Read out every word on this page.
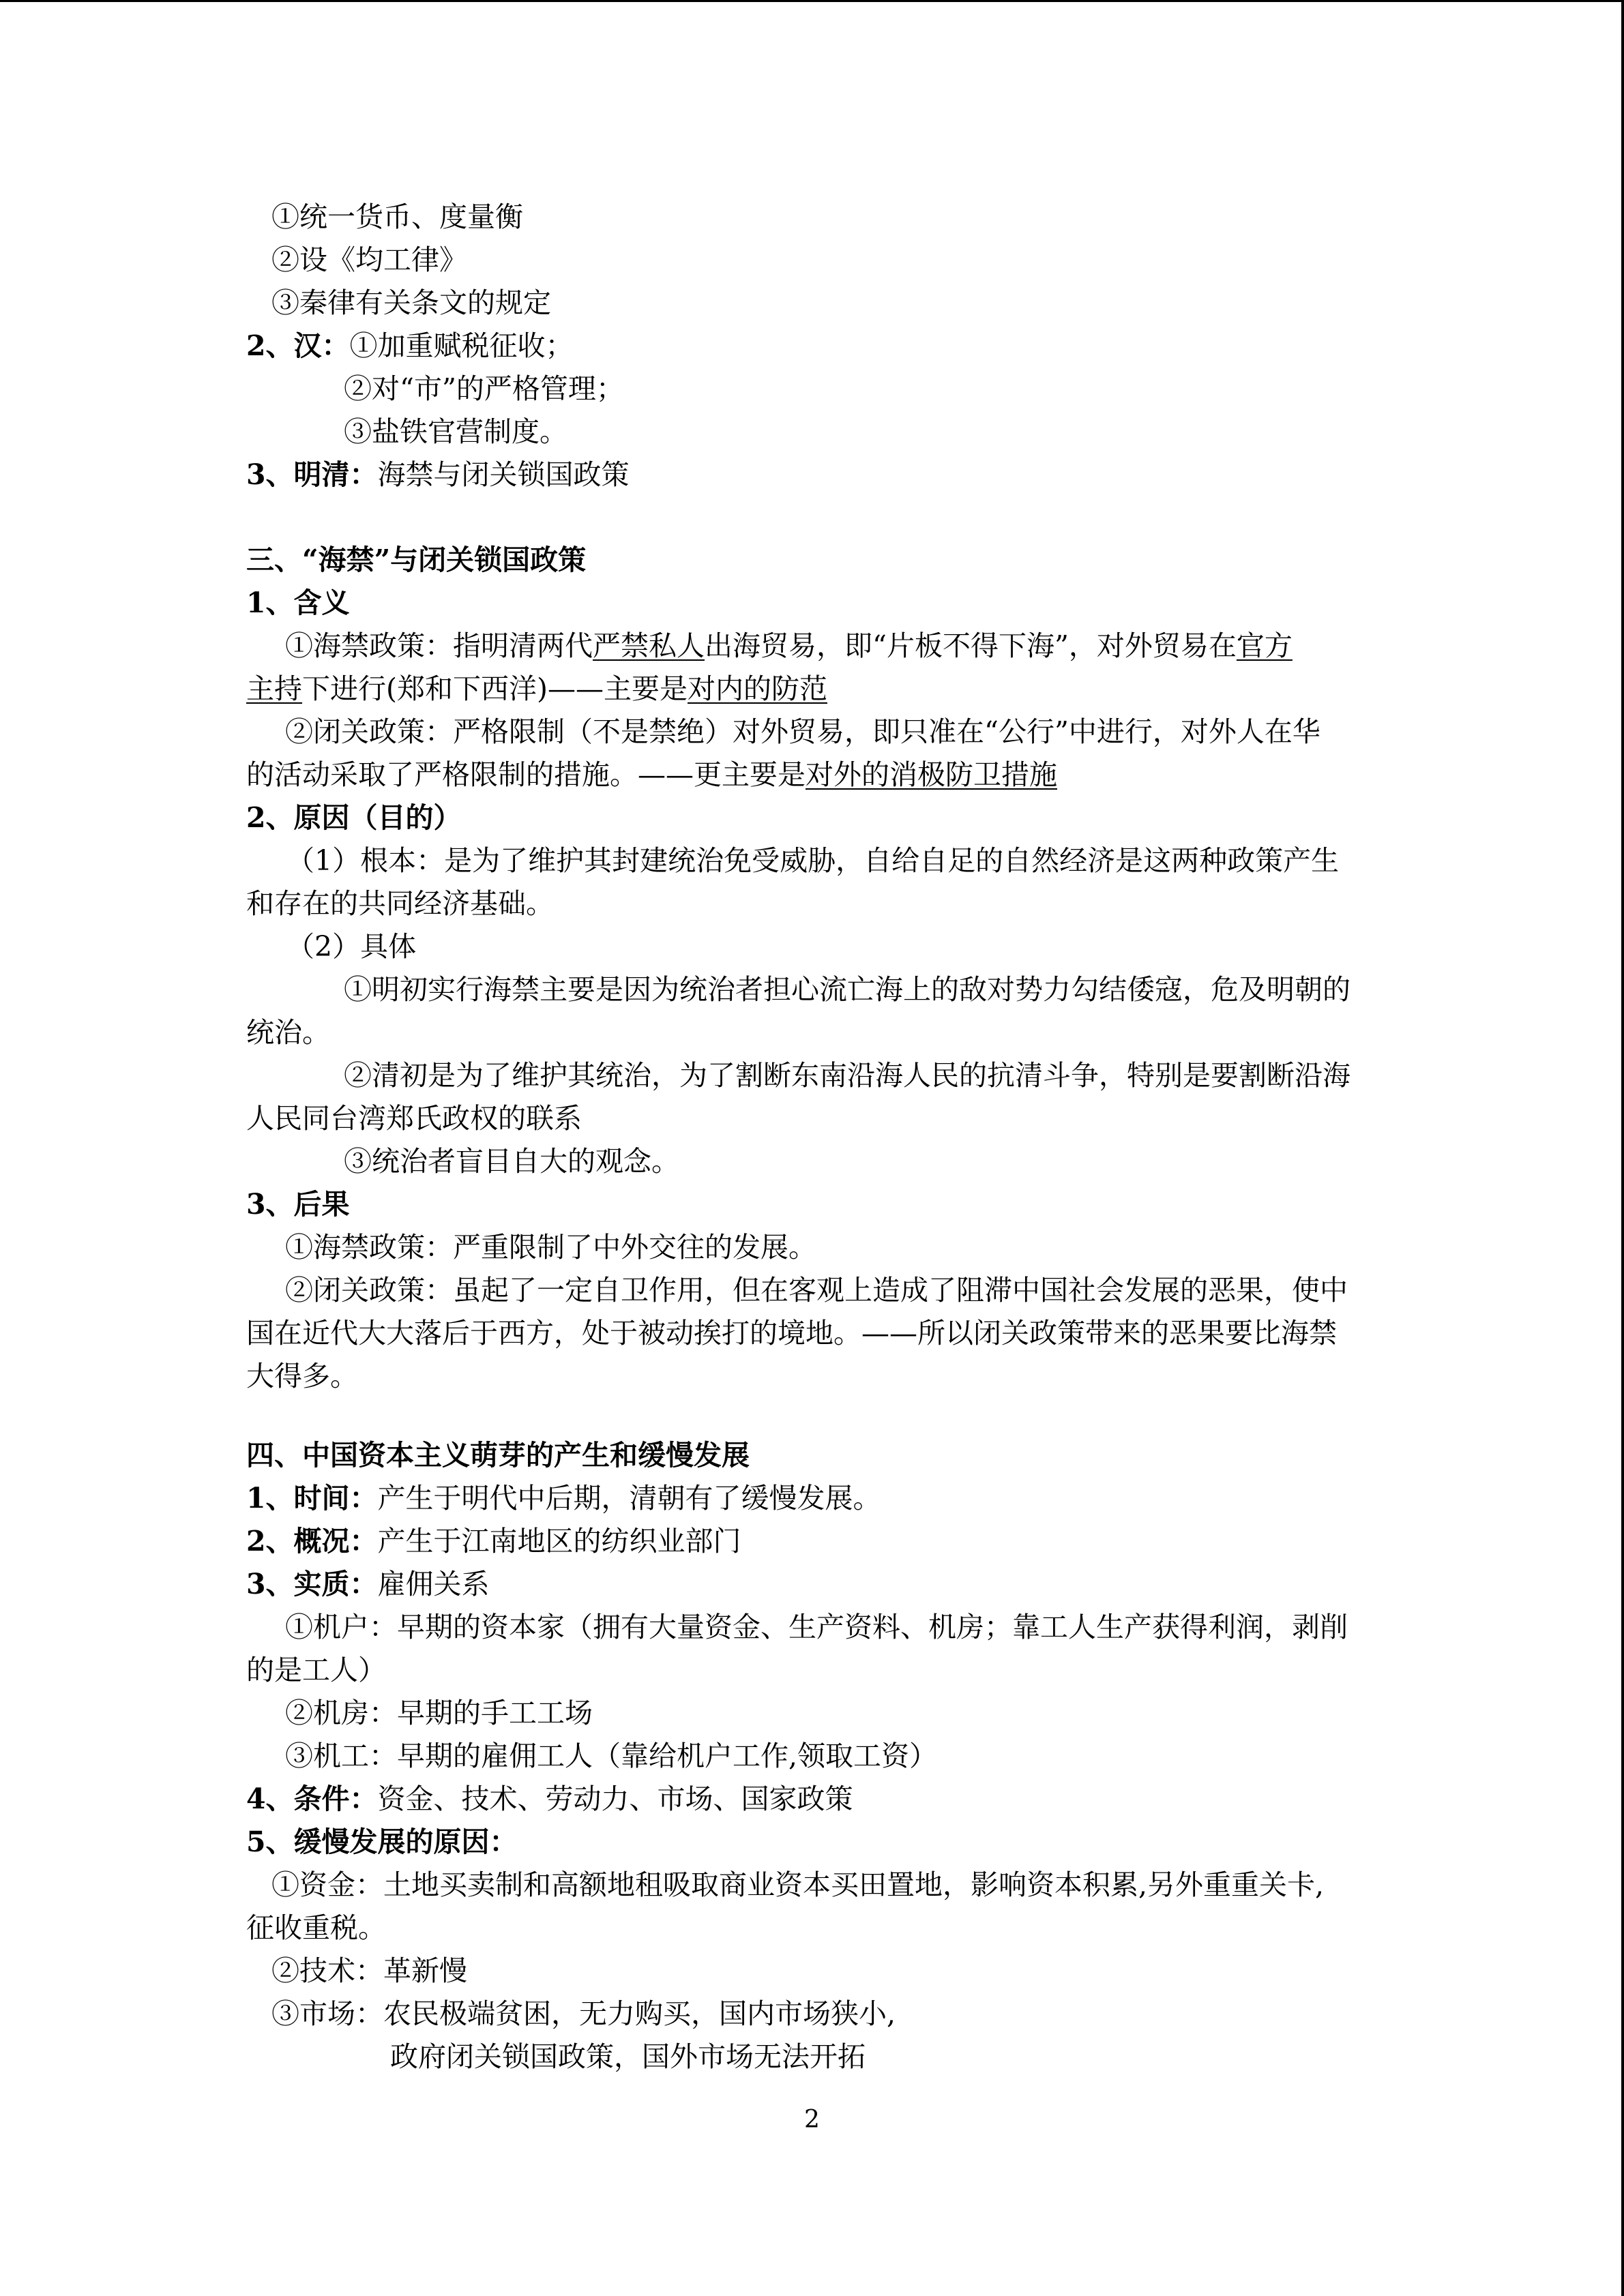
①统一货币、度量衡
②设《均工律》
③秦律有关条文的规定
2、汉：①加重赋税征收；
②对“市”的严格管理；
③盐铁官营制度。
3、明清：海禁与闭关锁国政策
三、“海禁”与闭关锁国政策
1、含义
①海禁政策：指明清两代严禁私人出海贸易，即“片板不得下海”，对外贸易在官方
主持下进行(郑和下西洋)——主要是对内的防范
②闭关政策：严格限制（不是禁绝）对外贸易，即只准在“公行”中进行，对外人在华
的活动采取了严格限制的措施。——更主要是对外的消极防卫措施
2、原因（目的）
（1）根本：是为了维护其封建统治免受威胁，自给自足的自然经济是这两种政策产生
和存在的共同经济基础。
（2）具体
①明初实行海禁主要是因为统治者担心流亡海上的敌对势力勾结倭寇，危及明朝的
统治。
②清初是为了维护其统治，为了割断东南沿海人民的抗清斗争，特别是要割断沿海
人民同台湾郑氏政权的联系
③统治者盲目自大的观念。
3、后果
①海禁政策：严重限制了中外交往的发展。
②闭关政策：虽起了一定自卫作用，但在客观上造成了阻滞中国社会发展的恶果，使中
国在近代大大落后于西方，处于被动挨打的境地。——所以闭关政策带来的恶果要比海禁
大得多。
四、中国资本主义萌芽的产生和缓慢发展
1、时间：产生于明代中后期，清朝有了缓慢发展。
2、概况：产生于江南地区的纺织业部门
3、实质：雇佣关系
①机户：早期的资本家（拥有大量资金、生产资料、机房；靠工人生产获得利润，剥削
的是工人）
②机房：早期的手工工场
③机工：早期的雇佣工人（靠给机户工作,领取工资）
4、条件：资金、技术、劳动力、市场、国家政策
5、缓慢发展的原因：
①资金：土地买卖制和高额地租吸取商业资本买田置地，影响资本积累,另外重重关卡,
征收重税。
②技术：革新慢
③市场：农民极端贫困，无力购买，国内市场狭小,
政府闭关锁国政策，国外市场无法开拓
2
